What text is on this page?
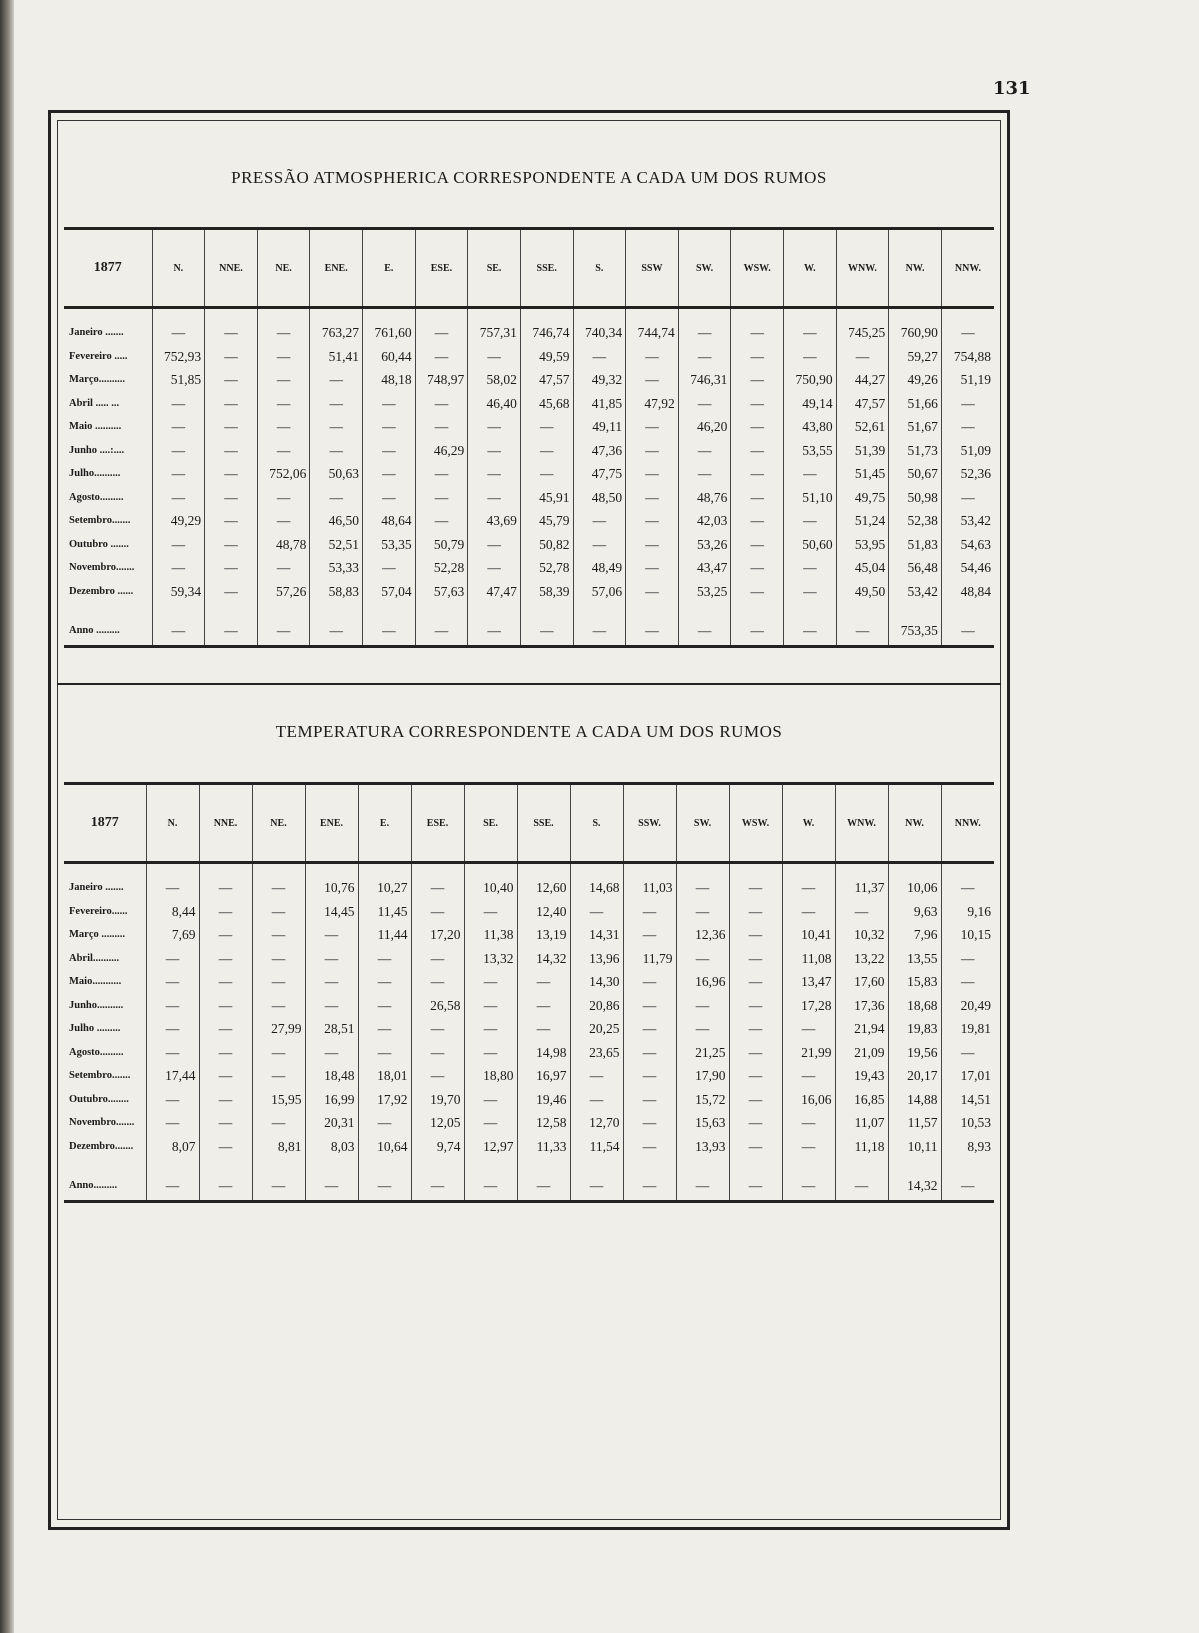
131
PRESSÃO ATMOSPHERICA CORRESPONDENTE A CADA UM DOS RUMOS
1877	N.	NNE.	NE.	ENE.	E.	ESE.	SE.	SSE.	S.	SSW	SW.	WSW.	W.	WNW.	NW.	NNW.

Janeiro .......	—	—	—	763,27	761,60	—	757,31	746,74	740,34	744,74	—	—	—	745,25	760,90	—
Fevereiro .....	752,93	—	—	51,41	60,44	—	—	49,59	—	—	—	—	—	—	59,27	754,88
Março..........	51,85	—	—	—	48,18	748,97	58,02	47,57	49,32	—	746,31	—	750,90	44,27	49,26	51,19
Abril ..... ...	—	—	—	—	—	—	46,40	45,68	41,85	47,92	—	—	49,14	47,57	51,66	—
Maio ..........	—	—	—	—	—	—	—	—	49,11	—	46,20	—	43,80	52,61	51,67	—
Junho ....:....	—	—	—	—	—	46,29	—	—	47,36	—	—	—	53,55	51,39	51,73	51,09
Julho..........	—	—	752,06	50,63	—	—	—	—	47,75	—	—	—	—	51,45	50,67	52,36
Agosto.........	—	—	—	—	—	—	—	45,91	48,50	—	48,76	—	51,10	49,75	50,98	—
Setembro.......	49,29	—	—	46,50	48,64	—	43,69	45,79	—	—	42,03	—	—	51,24	52,38	53,42
Outubro .......	—	—	48,78	52,51	53,35	50,79	—	50,82	—	—	53,26	—	50,60	53,95	51,83	54,63
Novembro.......	—	—	—	53,33	—	52,28	—	52,78	48,49	—	43,47	—	—	45,04	56,48	54,46
Dezembro ......	59,34	—	57,26	58,83	57,04	57,63	47,47	58,39	57,06	—	53,25	—	—	49,50	53,42	48,84

Anno .........	—	—	—	—	—	—	—	—	—	—	—	—	—	—	753,35	—
TEMPERATURA CORRESPONDENTE A CADA UM DOS RUMOS
1877	N.	NNE.	NE.	ENE.	E.	ESE.	SE.	SSE.	S.	SSW.	SW.	WSW.	W.	WNW.	NW.	NNW.

Janeiro .......	—	—	—	10,76	10,27	—	10,40	12,60	14,68	11,03	—	—	—	11,37	10,06	—
Fevereiro......	8,44	—	—	14,45	11,45	—	—	12,40	—	—	—	—	—	—	9,63	9,16
Março .........	7,69	—	—	—	11,44	17,20	11,38	13,19	14,31	—	12,36	—	10,41	10,32	7,96	10,15
Abril..........	—	—	—	—	—	—	13,32	14,32	13,96	11,79	—	—	11,08	13,22	13,55	—
Maio...........	—	—	—	—	—	—	—	—	14,30	—	16,96	—	13,47	17,60	15,83	—
Junho..........	—	—	—	—	—	26,58	—	—	20,86	—	—	—	17,28	17,36	18,68	20,49
Julho .........	—	—	27,99	28,51	—	—	—	—	20,25	—	—	—	—	21,94	19,83	19,81
Agosto.........	—	—	—	—	—	—	—	14,98	23,65	—	21,25	—	21,99	21,09	19,56	—
Setembro.......	17,44	—	—	18,48	18,01	—	18,80	16,97	—	—	17,90	—	—	19,43	20,17	17,01
Outubro........	—	—	15,95	16,99	17,92	19,70	—	19,46	—	—	15,72	—	16,06	16,85	14,88	14,51
Novembro.......	—	—	—	20,31	—	12,05	—	12,58	12,70	—	15,63	—	—	11,07	11,57	10,53
Dezembro.......	8,07	—	8,81	8,03	10,64	9,74	12,97	11,33	11,54	—	13,93	—	—	11,18	10,11	8,93

Anno.........	—	—	—	—	—	—	—	—	—	—	—	—	—	—	14,32	—
